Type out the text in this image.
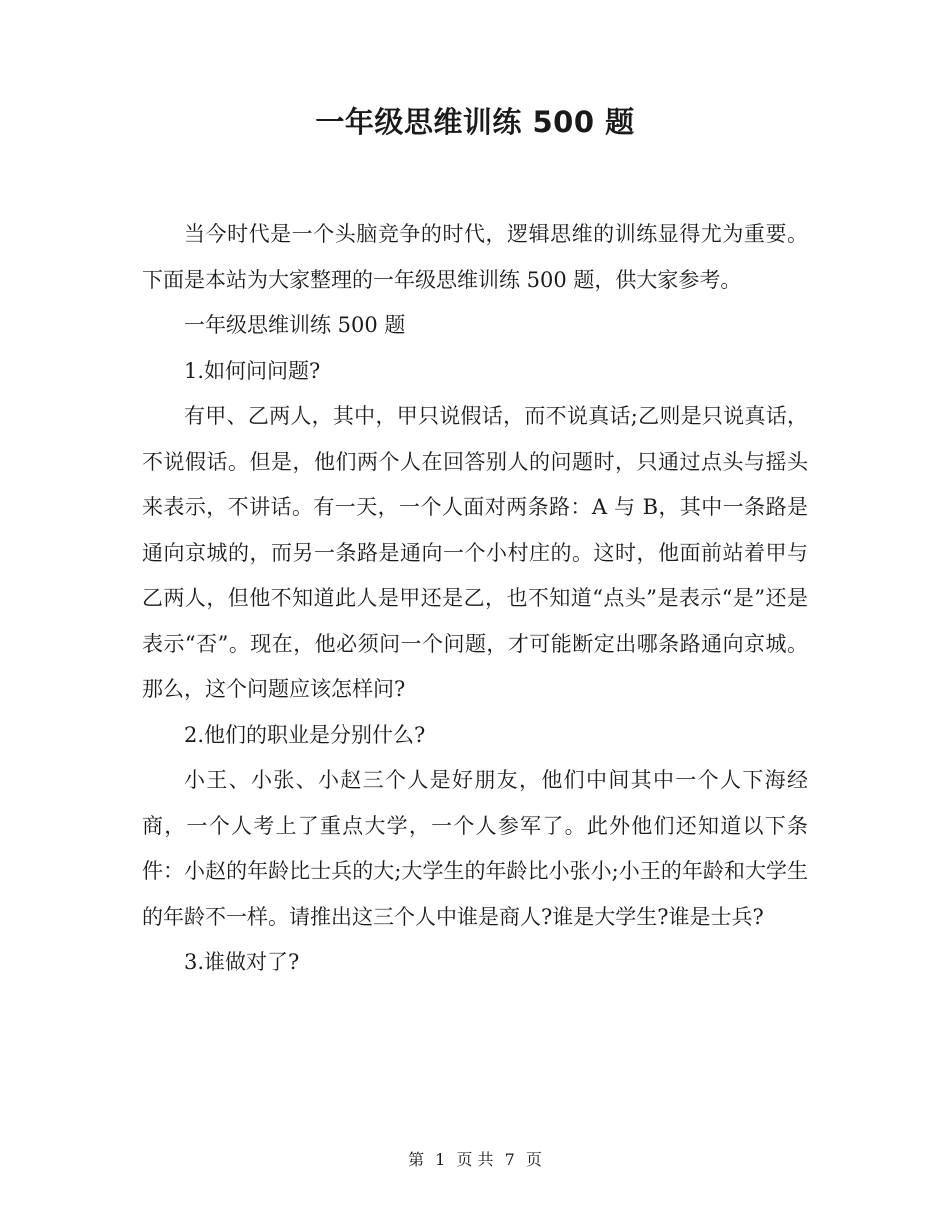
一年级思维训练 500 题

当今时代是一个头脑竞争的时代，逻辑思维的训练显得尤为重要。下面是本站为大家整理的一年级思维训练 500 题，供大家参考。

一年级思维训练 500 题

1.如何问问题?

有甲、乙两人，其中，甲只说假话，而不说真话;乙则是只说真话，不说假话。但是，他们两个人在回答别人的问题时，只通过点头与摇头来表示，不讲话。有一天，一个人面对两条路：A 与 B，其中一条路是通向京城的，而另一条路是通向一个小村庄的。这时，他面前站着甲与乙两人，但他不知道此人是甲还是乙，也不知道“点头”是表示“是”还是表示“否”。现在，他必须问一个问题，才可能断定出哪条路通向京城。那么，这个问题应该怎样问?

2.他们的职业是分别什么?

小王、小张、小赵三个人是好朋友，他们中间其中一个人下海经商，一个人考上了重点大学，一个人参军了。此外他们还知道以下条件：小赵的年龄比士兵的大;大学生的年龄比小张小;小王的年龄和大学生的年龄不一样。请推出这三个人中谁是商人?谁是大学生?谁是士兵?

3.谁做对了?

第 1 页 共 7 页
